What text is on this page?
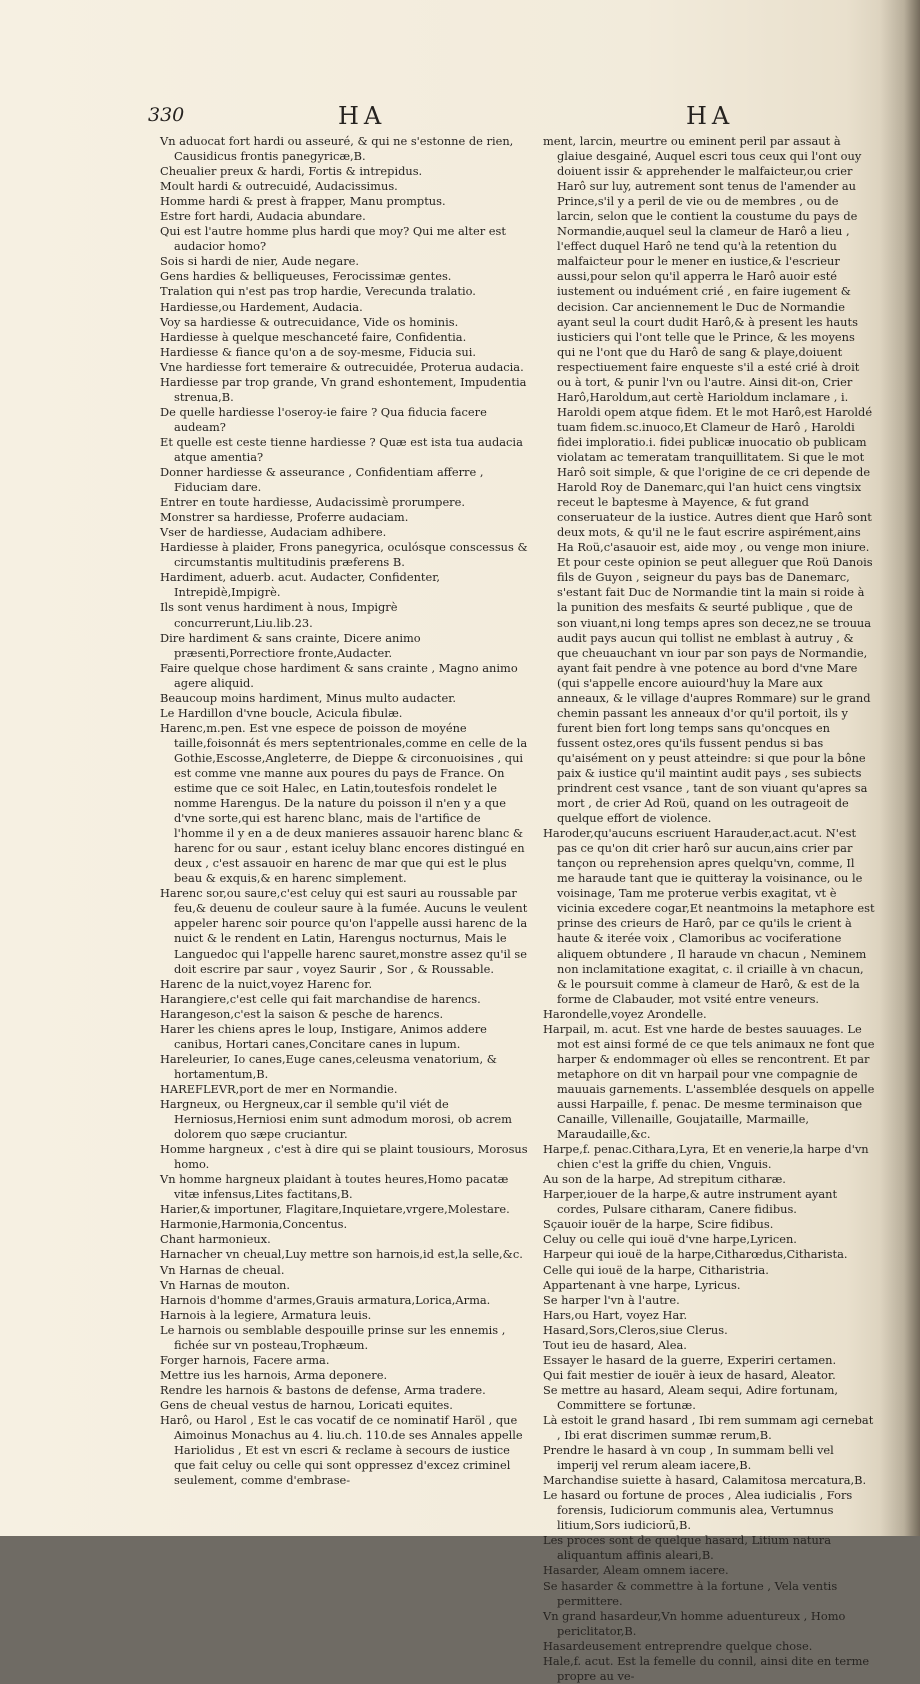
330	HA	HA

Vn aduocat fort hardi ou asseuré, & qui ne s'estonne de rien,
Causidicus frontis panegyricæ,B.

Cheualier preux & hardi, Fortis & intrepidus.

Moult hardi & outrecuidé, Audacissimus.

Homme hardi & prest à frapper, Manu promptus.

Estre fort hardi, Audacia abundare.

Qui est l'autre homme plus hardi que moy? Qui me alter est
audacior homo?

Sois si hardi de nier, Aude negare.

Gens hardies & belliqueuses, Ferocissimæ gentes.

Tralation qui n'est pas trop hardie, Verecunda tralatio.

Hardiesse,ou Hardement, Audacia.

Voy sa hardiesse & outrecuidance, Vide os hominis.

Hardiesse à quelque meschanceté faire, Confidentia.

Hardiesse & fiance qu'on a de soy-mesme, Fiducia sui.

Vne hardiesse fort temeraire & outrecuidée, Proterua audacia.

Hardiesse par trop grande, Vn grand eshontement, Impudentia
strenua,B.

De quelle hardiesse l'oseroy-ie faire ? Qua fiducia facere
audeam?

Et quelle est ceste tienne hardiesse ? Quæ est ista tua audacia
atque amentia?

Donner hardiesse & asseurance , Confidentiam afferre ,
Fiduciam dare.

Entrer en toute hardiesse, Audacissimè prorumpere.

Monstrer sa hardiesse, Proferre audaciam.

Vser de hardiesse, Audaciam adhibere.

Hardiesse à plaider, Frons panegyrica, oculósque conscessus &
circumstantis multitudinis præferens B.

Hardiment, aduerb. acut. Audacter, Confidenter,
Intrepidè,Impigrè.

Ils sont venus hardiment à nous, Impigrè
concurrerunt,Liu.lib.23.

Dire hardiment & sans crainte, Dicere animo
præsenti,Porrectiore fronte,Audacter.

Faire quelque chose hardiment & sans crainte , Magno animo
agere aliquid.

Beaucoup moins hardiment, Minus multo audacter.

Le Hardillon d'vne boucle, Acicula fibulæ.

Harenc,m.pen. Est vne espece de poisson de moyéne
taille,foisonnát és mers septentrionales,comme en celle de la
Gothie,Escosse,Angleterre, de Dieppe & circonuoisines , qui
est comme vne manne aux poures du pays de France. On
estime que ce soit Halec, en Latin,toutesfois rondelet le
nomme Harengus. De la nature du poisson il n'en y a que
d'vne sorte,qui est harenc blanc, mais de l'artifice de
l'homme il y en a de deux manieres assauoir harenc blanc &
harenc for ou saur , estant iceluy blanc encores distingué en
deux , c'est assauoir en harenc de mar que qui est le plus
beau & exquis,& en harenc simplement.

Harenc sor,ou saure,c'est celuy qui est sauri au roussable par
feu,& deuenu de couleur saure à la fumée. Aucuns le veulent
appeler harenc soir pource qu'on l'appelle aussi harenc de la
nuict & le rendent en Latin, Harengus nocturnus, Mais le
Languedoc qui l'appelle harenc sauret,monstre assez qu'il se
doit escrire par saur , voyez Saurir , Sor , & Roussable.

Harenc de la nuict,voyez Harenc for.

Harangiere,c'est celle qui fait marchandise de harencs.

Harangeson,c'est la saison & pesche de harencs.

Harer les chiens apres le loup, Instigare, Animos addere
canibus, Hortari canes,Concitare canes in lupum.

Hareleurier, Io canes,Euge canes,celeusma venatorium, &
hortamentum,B.

HAREFLEVR,port de mer en Normandie.

Hargneux, ou Hergneux,car il semble qu'il viét de
Herniosus,Herniosi enim sunt admodum morosi, ob acrem
dolorem quo sæpe cruciantur.

Homme hargneux , c'est à dire qui se plaint tousiours, Morosus
homo.

Vn homme hargneux plaidant à toutes heures,Homo pacatæ
vitæ infensus,Lites factitans,B.

Harier,& importuner, Flagitare,Inquietare,vrgere,Molestare.

Harmonie,Harmonia,Concentus.

Chant harmonieux.

Harnacher vn cheual,Luy mettre son harnois,id est,la selle,&c.

Vn Harnas de cheual.

Vn Harnas de mouton.

Harnois d'homme d'armes,Grauis armatura,Lorica,Arma.

Harnois à la legiere, Armatura leuis.

Le harnois ou semblable despouille prinse sur les ennemis ,
fichée sur vn posteau,Trophæum.

Forger harnois, Facere arma.

Mettre ius les harnois, Arma deponere.

Rendre les harnois & bastons de defense, Arma tradere.

Gens de cheual vestus de harnou, Loricati equites.

Harô, ou Harol , Est le cas vocatif de ce nominatif Haröl , que
Aimoinus Monachus au 4. liu.ch. 110.de ses Annales appelle
Hariolidus , Et est vn escri & reclame à secours de iustice
que fait celuy ou celle qui sont oppressez d'excez criminel
seulement, comme d'embrase-

ment, larcin, meurtre ou eminent peril par assaut à
glaiue desgainé, Auquel escri tous ceux qui l'ont ouy
doiuent issir & apprehender le malfaicteur,ou crier
Harô sur luy, autrement sont tenus de l'amender au
Prince,s'il y a peril de vie ou de membres , ou de
larcin, selon que le contient la coustume du pays de
Normandie,auquel seul la clameur de Harô a lieu ,
l'effect duquel Harô ne tend qu'à la retention du
malfaicteur pour le mener en iustice,& l'escrieur
aussi,pour selon qu'il apperra le Harô auoir esté
iustement ou induément crié , en faire iugement &
decision. Car anciennement le Duc de Normandie
ayant seul la court dudit Harô,& à present les hauts
iusticiers qui l'ont telle que le Prince, & les moyens
qui ne l'ont que du Harô de sang & playe,doiuent
respectiuement faire enqueste s'il a esté crié à droit
ou à tort, & punir l'vn ou l'autre. Ainsi dit-on, Crier
Harô,Haroldum,aut certè Harioldum inclamare , i.
Haroldi opem atque fidem. Et le mot Harô,est Haroldé
tuam fidem.sc.inuoco,Et Clameur de Harô , Haroldi
fidei imploratio.i. fidei publicæ inuocatio ob publicam
violatam ac temeratam tranquillitatem. Si que le mot
Harô soit simple, & que l'origine de ce cri depende de
Harold Roy de Danemarc,qui l'an huict cens vingtsix
receut le baptesme à Mayence, & fut grand
conseruateur de la iustice. Autres dient que Harô sont
deux mots, & qu'il ne le faut escrire aspirément,ains
Ha Roü,c'asauoir est, aide moy , ou venge mon iniure.
Et pour ceste opinion se peut alleguer que Roü Danois
fils de Guyon , seigneur du pays bas de Danemarc,
s'estant fait Duc de Normandie tint la main si roide à
la punition des mesfaits & seurté publique , que de
son viuant,ni long temps apres son decez,ne se trouua
audit pays aucun qui tollist ne emblast à autruy , &
que cheuauchant vn iour par son pays de Normandie,
ayant fait pendre à vne potence au bord d'vne Mare
(qui s'appelle encore auiourd'huy la Mare aux
anneaux, & le village d'aupres Rommare) sur le grand
chemin passant les anneaux d'or qu'il portoit, ils y
furent bien fort long temps sans qu'oncques en
fussent ostez,ores qu'ils fussent pendus si bas
qu'aisément on y peust atteindre: si que pour la bône
paix & iustice qu'il maintint audit pays , ses subiects
prindrent cest vsance , tant de son viuant qu'apres sa
mort , de crier Ad Roü, quand on les outrageoit de
quelque effort de violence.

Haroder,qu'aucuns escriuent Harauder,act.acut. N'est
pas ce qu'on dit crier harô sur aucun,ains crier par
tançon ou reprehension apres quelqu'vn, comme, Il
me haraude tant que ie quitteray la voisinance, ou le
voisinage, Tam me proterue verbis exagitat, vt è
vicinia excedere cogar,Et neantmoins la metaphore est
prinse des crieurs de Harô, par ce qu'ils le crient à
haute & iterée voix , Clamoribus ac vociferatione
aliquem obtundere , Il haraude vn chacun , Neminem
non inclamitatione exagitat, c. il criaille à vn chacun,
& le poursuit comme à clameur de Harô, & est de la
forme de Clabauder, mot vsité entre veneurs.

Harondelle,voyez Arondelle.

Harpail, m. acut. Est vne harde de bestes sauuages. Le
mot est ainsi formé de ce que tels animaux ne font que
harper & endommager où elles se rencontrent. Et par
metaphore on dit vn harpail pour vne compagnie de
mauuais garnements. L'assemblée desquels on appelle
aussi Harpaille, f. penac. De mesme terminaison que
Canaille, Villenaille, Goujataille, Marmaille,
Maraudaille,&c.

Harpe,f. penac.Cithara,Lyra, Et en venerie,la harpe d'vn
chien c'est la griffe du chien, Vnguis.

Au son de la harpe, Ad strepitum citharæ.

Harper,iouer de la harpe,& autre instrument ayant
cordes, Pulsare citharam, Canere fidibus.

Sçauoir iouër de la harpe, Scire fidibus.

Celuy ou celle qui iouë d'vne harpe,Lyricen.

Harpeur qui iouë de la harpe,Citharœdus,Citharista.

Celle qui iouë de la harpe, Citharistria.

Appartenant à vne harpe, Lyricus.

Se harper l'vn à l'autre.

Hars,ou Hart, voyez Har.

Hasard,Sors,Cleros,siue Clerus.

Tout ieu de hasard, Alea.

Essayer le hasard de la guerre, Experiri certamen.

Qui fait mestier de iouër à ieux de hasard, Aleator.

Se mettre au hasard, Aleam sequi, Adire fortunam,
Committere se fortunæ.

Là estoit le grand hasard , Ibi rem summam agi cernebat
, Ibi erat discrimen summæ rerum,B.

Prendre le hasard à vn coup , In summam belli vel
imperij vel rerum aleam iacere,B.

Marchandise suiette à hasard, Calamitosa mercatura,B.

Le hasard ou fortune de proces , Alea iudicialis , Fors
forensis, Iudiciorum communis alea, Vertumnus
litium,Sors iudiciorū,B.

Les proces sont de quelque hasard, Litium natura
aliquantum affinis aleari,B.

Hasarder, Aleam omnem iacere.

Se hasarder & commettre à la fortune , Vela ventis
permittere.

Vn grand hasardeur,Vn homme aduentureux , Homo
periclitator,B.

Hasardeusement entreprendre quelque chose.

Hale,f. acut. Est la femelle du connil, ainsi dite en terme
propre au ve-
